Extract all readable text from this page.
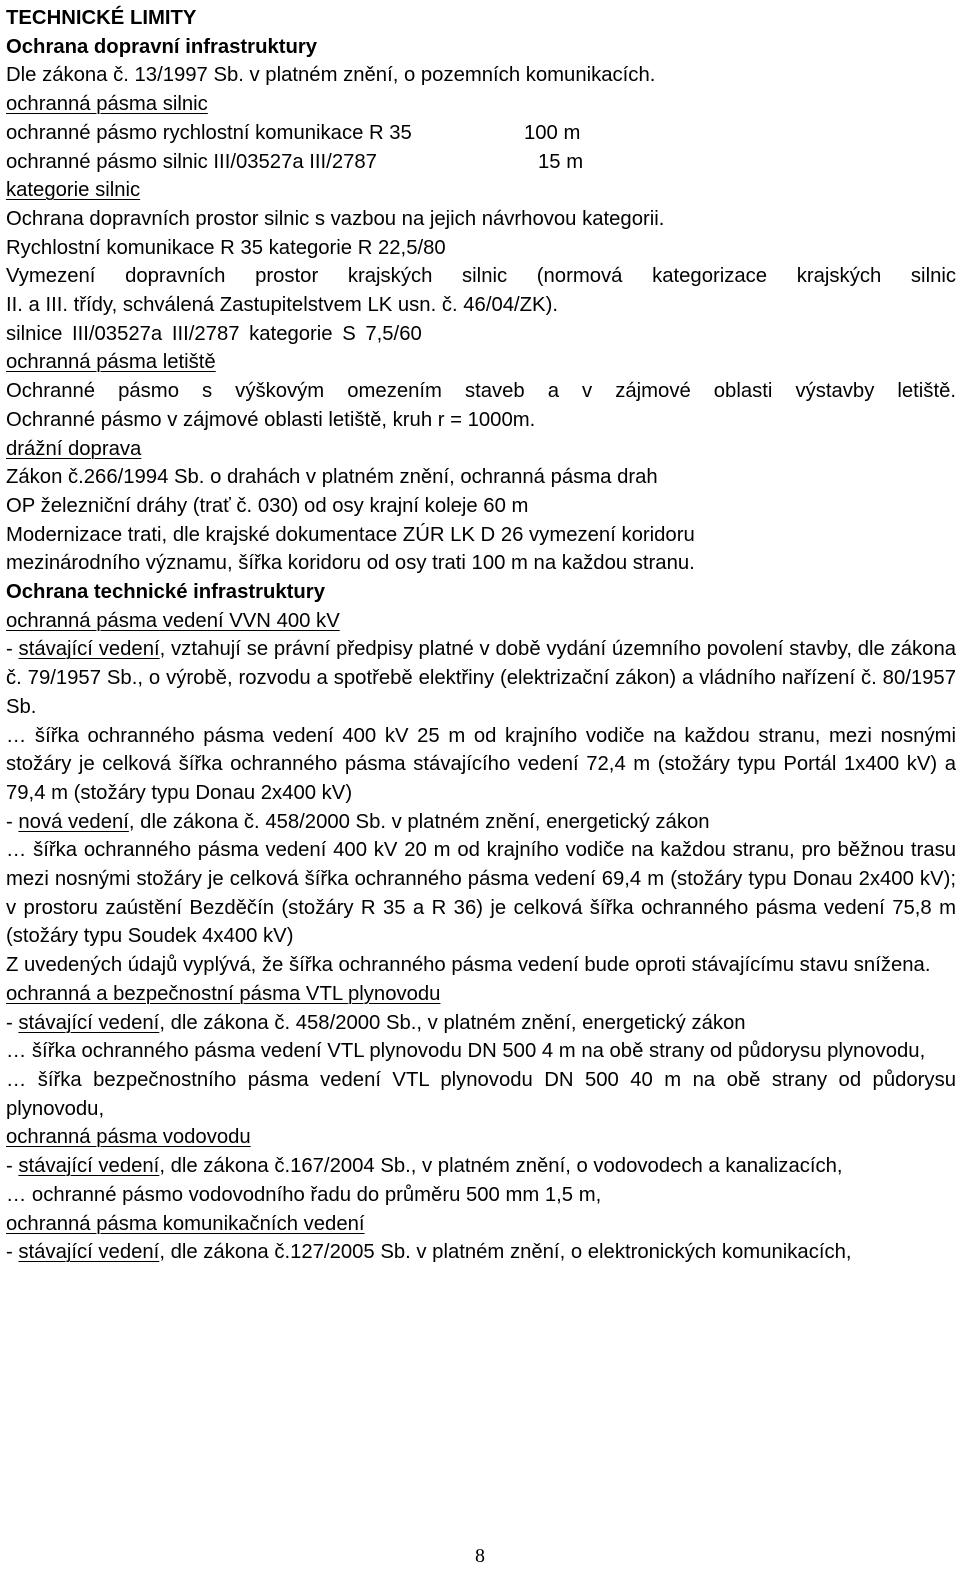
TECHNICKÉ LIMITY

Ochrana dopravní infrastruktury

Dle zákona č. 13/1997 Sb. v platném znění, o pozemních komunikacích.

ochranná pásma silnic

ochranné pásmo rychlostní komunikace R 35	100 m
ochranné pásmo silnic III/03527a III/2787	15 m

kategorie silnic

Ochrana dopravních prostor silnic s vazbou na jejich návrhovou kategorii.

Rychlostní komunikace R 35 kategorie R 22,5/80

Vymezení dopravních prostor krajských silnic (normová kategorizace krajských silnic

II. a III. třídy, schválená Zastupitelstvem LK usn. č. 46/04/ZK).

silnice III/03527a III/2787 kategorie S 7,5/60

ochranná pásma letiště

Ochranné pásmo s výškovým omezením staveb a v zájmové oblasti výstavby letiště.

Ochranné pásmo v zájmové oblasti letiště, kruh r = 1000m.

drážní doprava

Zákon č.266/1994 Sb. o drahách v platném znění, ochranná pásma drah

OP železniční dráhy (trať č. 030) od osy krajní koleje 60 m

Modernizace trati, dle krajské dokumentace ZÚR LK D 26 vymezení koridoru

mezinárodního významu, šířka koridoru od osy trati 100 m na každou stranu.

Ochrana technické infrastruktury

ochranná pásma vedení VVN 400 kV

- stávající vedení, vztahují se právní předpisy platné v době vydání územního povolení stavby, dle zákona č. 79/1957 Sb., o výrobě, rozvodu a spotřebě elektřiny (elektrizační zákon) a vládního nařízení č. 80/1957 Sb.

… šířka ochranného pásma vedení 400 kV 25 m od krajního vodiče na každou stranu, mezi nosnými stožáry je celková šířka ochranného pásma stávajícího vedení 72,4 m (stožáry typu Portál 1x400 kV) a 79,4 m (stožáry typu Donau 2x400 kV)

- nová vedení, dle zákona č. 458/2000 Sb. v platném znění, energetický zákon

… šířka ochranného pásma vedení 400 kV 20 m od krajního vodiče na každou stranu, pro běžnou trasu mezi nosnými stožáry je celková šířka ochranného pásma vedení 69,4 m (stožáry typu Donau 2x400 kV); v prostoru zaústění Bezděčín (stožáry R 35 a R 36) je celková šířka ochranného pásma vedení 75,8 m (stožáry typu Soudek 4x400 kV)

Z uvedených údajů vyplývá, že šířka ochranného pásma vedení bude oproti stávajícímu stavu snížena.

ochranná a bezpečnostní pásma VTL plynovodu

- stávající vedení, dle zákona č. 458/2000 Sb., v platném znění, energetický zákon

… šířka ochranného pásma vedení VTL plynovodu DN 500 4 m na obě strany od půdorysu plynovodu,

… šířka bezpečnostního pásma vedení VTL plynovodu DN 500 40 m na obě strany od půdorysu plynovodu,

ochranná pásma vodovodu

- stávající vedení, dle zákona č.167/2004 Sb., v platném znění, o vodovodech a kanalizacích,

… ochranné pásmo vodovodního řadu do průměru 500 mm 1,5 m,

ochranná pásma komunikačních vedení

- stávající vedení, dle zákona č.127/2005 Sb. v platném znění, o elektronických komunikacích,

8
